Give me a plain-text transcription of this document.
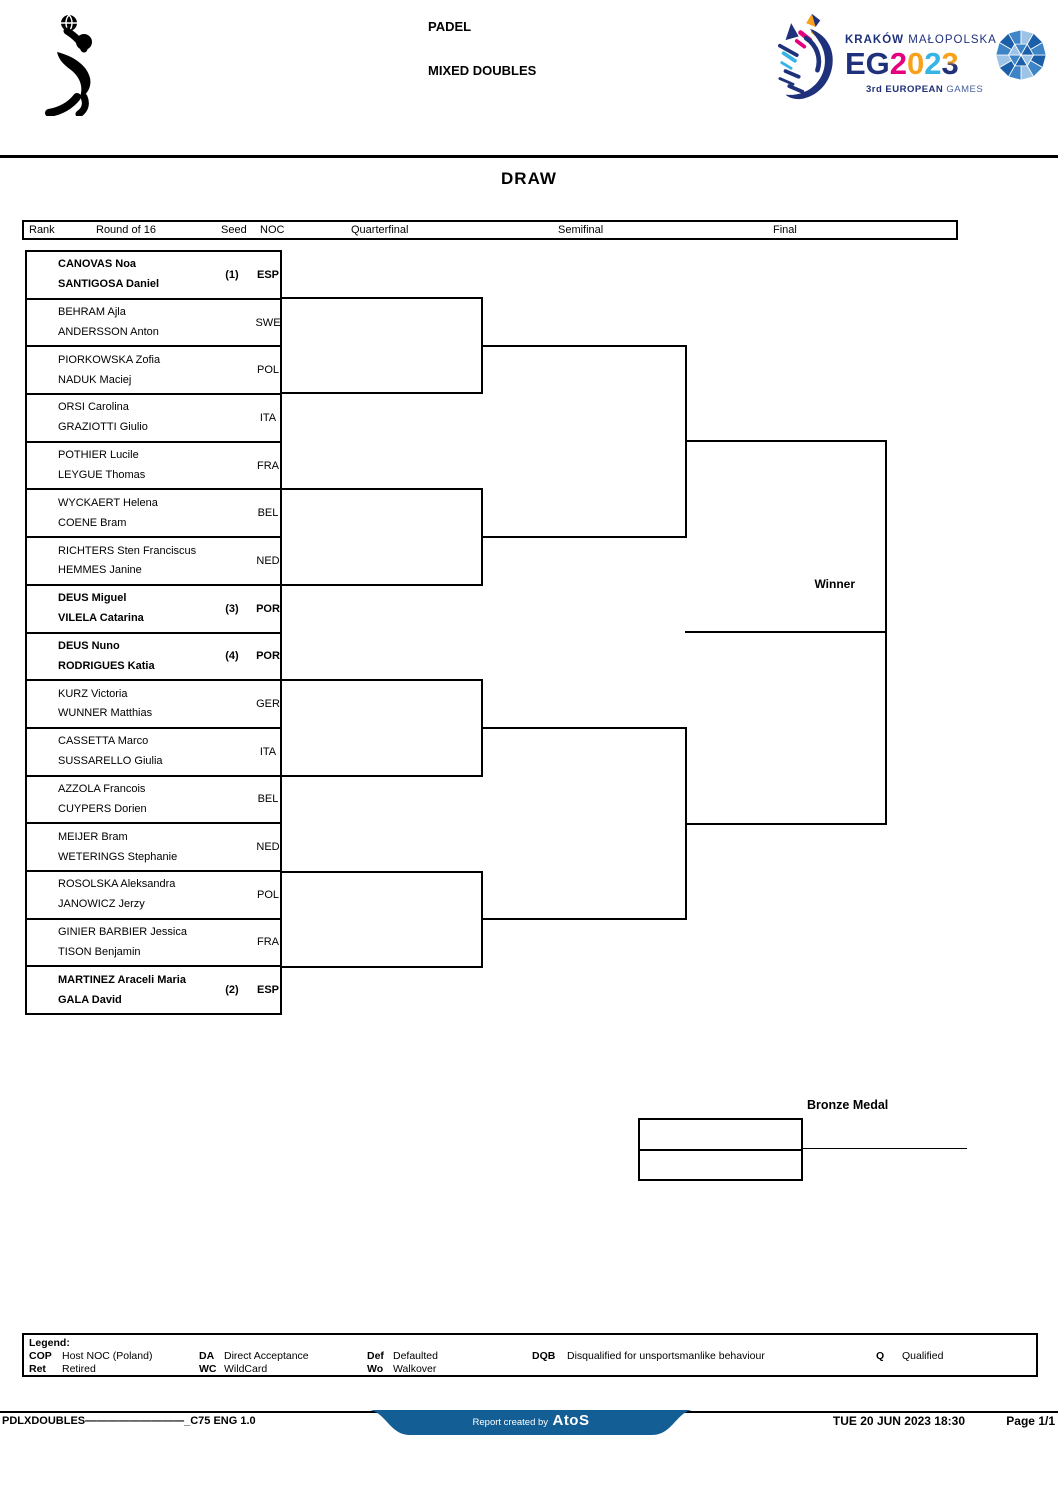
PADEL
MIXED DOUBLES
KRAKÓW MAŁOPOLSKA
EG2023
3rd EUROPEAN GAMES
DRAW
Rank	Round of 16	Seed NOC	Quarterfinal	Semifinal	Final
CANOVAS Noa
SANTIGOSA Daniel
(1)	ESP
BEHRAM Ajla
ANDERSSON Anton
SWE
PIORKOWSKA Zofia
NADUK Maciej
POL
ORSI Carolina
GRAZIOTTI Giulio
ITA
POTHIER Lucile
LEYGUE Thomas
FRA
WYCKAERT Helena
COENE Bram
BEL
RICHTERS Sten Franciscus
HEMMES Janine
NED
DEUS Miguel
VILELA Catarina
(3)	POR
DEUS Nuno
RODRIGUES Katia
(4)	POR
KURZ Victoria
WUNNER Matthias
GER
CASSETTA Marco
SUSSARELLO Giulia
ITA
AZZOLA Francois
CUYPERS Dorien
BEL
MEIJER Bram
WETERINGS Stephanie
NED
ROSOLSKA Aleksandra
JANOWICZ Jerzy
POL
GINIER BARBIER Jessica
TISON Benjamin
FRA
MARTINEZ Araceli Maria
GALA David
(2)	ESP
Winner
Bronze Medal
Legend:
COP Host NOC (Poland)	DA Direct Acceptance	Def Defaulted	DQB Disqualified for unsportsmanlike behaviour	Q Qualified
Ret Retired	WC WildCard	Wo Walkover
PDLXDOUBLES—————————_C75 ENG 1.0	Report created by AtoS	TUE 20 JUN 2023 18:30	Page 1/1
